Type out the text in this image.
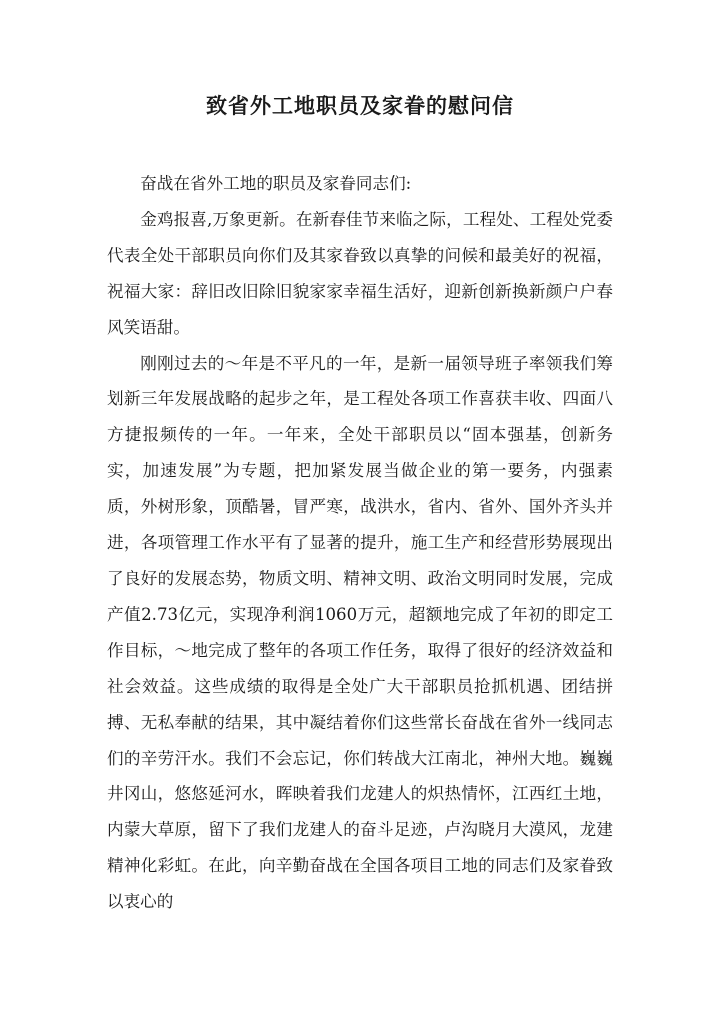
致省外工地职员及家眷的慰问信

奋战在省外工地的职员及家眷同志们:

金鸡报喜,万象更新。在新春佳节来临之际，工程处、工程处党委代表全处干部职员向你们及其家眷致以真挚的问候和最美好的祝福，祝福大家：辞旧改旧除旧貌家家幸福生活好，迎新创新换新颜户户春风笑语甜。

刚刚过去的～年是不平凡的一年，是新一届领导班子率领我们筹划新三年发展战略的起步之年，是工程处各项工作喜获丰收、四面八方捷报频传的一年。一年来，全处干部职员以“固本强基，创新务实，加速发展”为专题，把加紧发展当做企业的第一要务，内强素质，外树形象，顶酷暑，冒严寒，战洪水，省内、省外、国外齐头并进，各项管理工作水平有了显著的提升，施工生产和经营形势展现出了良好的发展态势，物质文明、精神文明、政治文明同时发展，完成产值2.73亿元，实现净利润1060万元，超额地完成了年初的即定工作目标，～地完成了整年的各项工作任务，取得了很好的经济效益和社会效益。这些成绩的取得是全处广大干部职员抢抓机遇、团结拼搏、无私奉献的结果，其中凝结着你们这些常长奋战在省外一线同志们的辛劳汗水。我们不会忘记，你们转战大江南北，神州大地。巍巍井冈山，悠悠延河水，晖映着我们龙建人的炽热情怀，江西红土地，内蒙大草原，留下了我们龙建人的奋斗足迹，卢沟晓月大漠风，龙建精神化彩虹。在此，向辛勤奋战在全国各项目工地的同志们及家眷致以衷心的
